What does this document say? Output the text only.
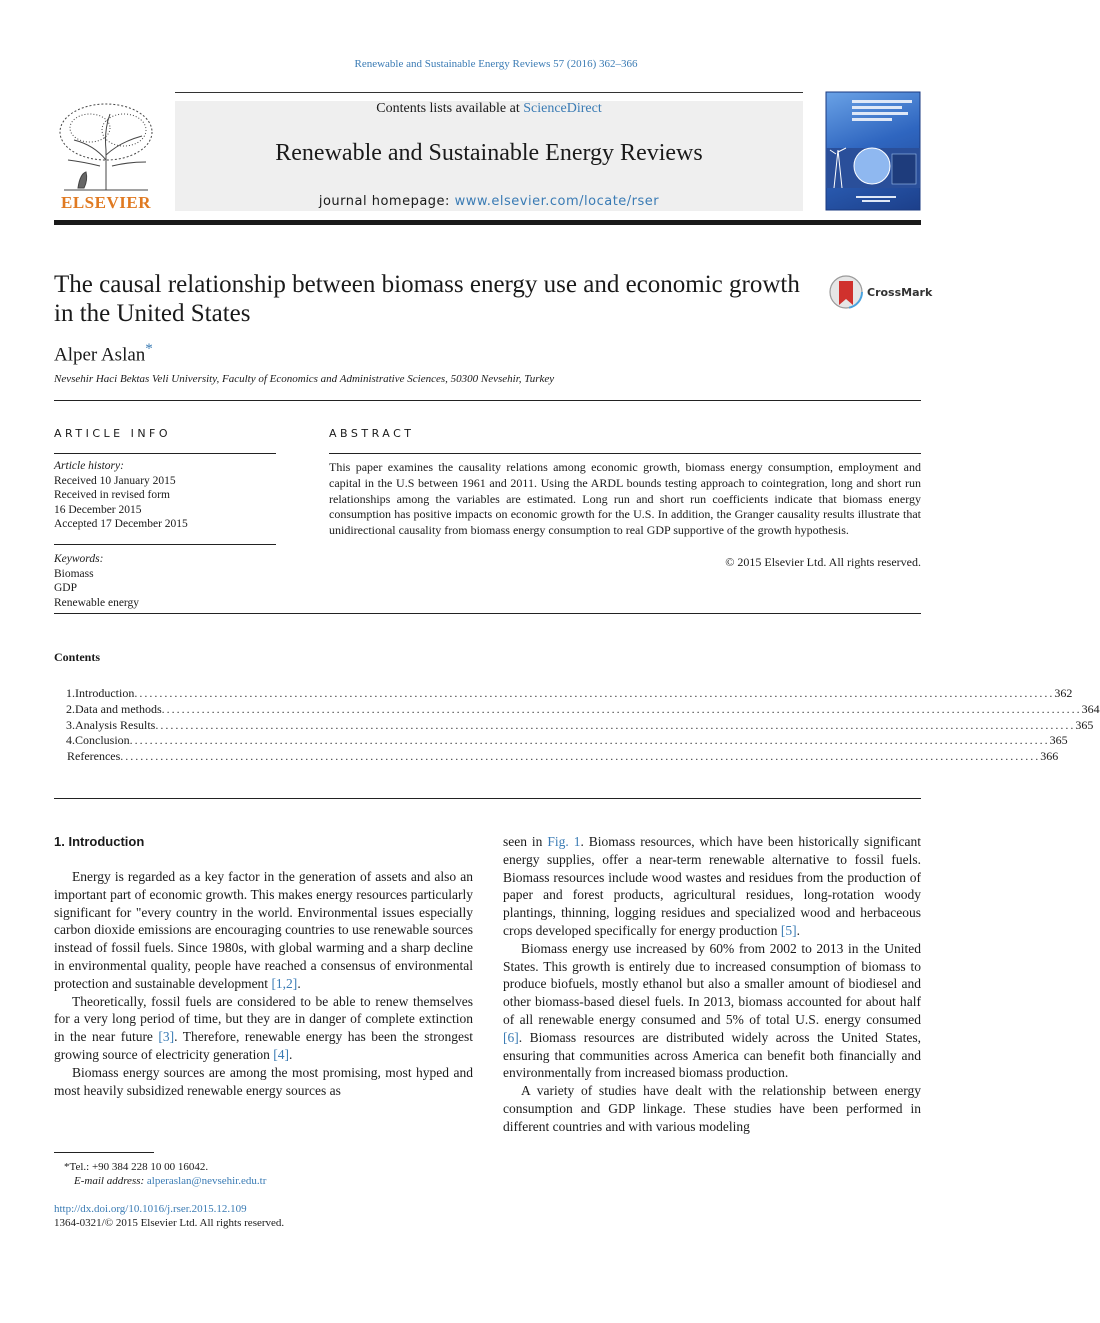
Renewable and Sustainable Energy Reviews 57 (2016) 362–366
ELSEVIER
Contents lists available at ScienceDirect
Renewable and Sustainable Energy Reviews
journal homepage: www.elsevier.com/locate/rser
The causal relationship between biomass energy use and economic growth in the United States
CrossMark
Alper Aslan*
Nevsehir Haci Bektas Veli University, Faculty of Economics and Administrative Sciences, 50300 Nevsehir, Turkey
ARTICLE INFO
Article history:
Received 10 January 2015
Received in revised form
16 December 2015
Accepted 17 December 2015
Keywords:
Biomass
GDP
Renewable energy
ABSTRACT
This paper examines the causality relations among economic growth, biomass energy consumption, employment and capital in the U.S between 1961 and 2011. Using the ARDL bounds testing approach to cointegration, long and short run relationships among the variables are estimated. Long run and short run coefficients indicate that biomass energy consumption has positive impacts on economic growth for the U.S. In addition, the Granger causality results illustrate that unidirectional causality from biomass energy consumption to real GDP supportive of the growth hypothesis.
© 2015 Elsevier Ltd. All rights reserved.
Contents
1. Introduction ........................................................................................................................................................................................ 362
2. Data and methods ........................................................................................................................................................................................ 364
3. Analysis Results ........................................................................................................................................................................................ 365
4. Conclusion ........................................................................................................................................................................................ 365
References ........................................................................................................................................................................................ 366
1. Introduction

Energy is regarded as a key factor in the generation of assets and also an important part of economic growth. This makes energy resources particularly significant for "every country in the world. Environmental issues especially carbon dioxide emissions are encouraging countries to use renewable sources instead of fossil fuels. Since 1980s, with global warming and a sharp decline in environmental quality, people have reached a consensus of environmental protection and sustainable development [1,2].

Theoretically, fossil fuels are considered to be able to renew themselves for a very long period of time, but they are in danger of complete extinction in the near future [3]. Therefore, renewable energy has been the strongest growing source of electricity generation [4].

Biomass energy sources are among the most promising, most hyped and most heavily subsidized renewable energy sources as

seen in Fig. 1. Biomass resources, which have been historically significant energy supplies, offer a near-term renewable alternative to fossil fuels. Biomass resources include wood wastes and residues from the production of paper and forest products, agricultural residues, long-rotation woody plantings, thinning, logging residues and specialized wood and herbaceous crops developed specifically for energy production [5].

Biomass energy use increased by 60% from 2002 to 2013 in the United States. This growth is entirely due to increased consumption of biomass to produce biofuels, mostly ethanol but also a smaller amount of biodiesel and other biomass-based diesel fuels. In 2013, biomass accounted for about half of all renewable energy consumed and 5% of total U.S. energy consumed [6]. Biomass resources are distributed widely across the United States, ensuring that communities across America can benefit both financially and environmentally from increased biomass production.

A variety of studies have dealt with the relationship between energy consumption and GDP linkage. These studies have been performed in different countries and with various modeling

*Tel.: +90 384 228 10 00 16042.
E-mail address: alperaslan@nevsehir.edu.tr
http://dx.doi.org/10.1016/j.rser.2015.12.109
1364-0321/© 2015 Elsevier Ltd. All rights reserved.
